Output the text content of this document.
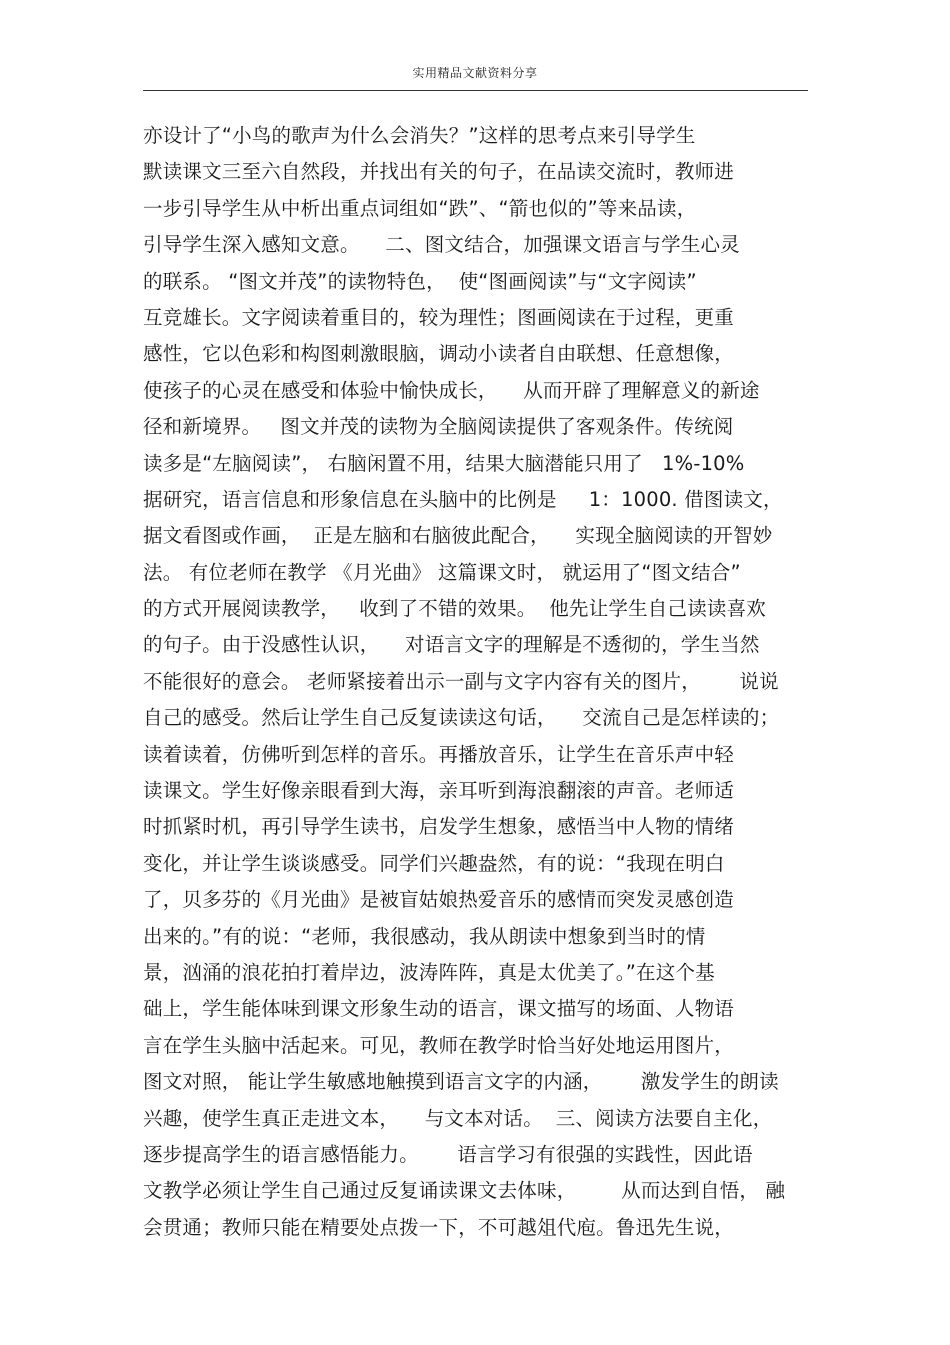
实用精品文献资料分享
亦设计了“小鸟的歌声为什么会消失？”这样的思考点来引导学生
默读课文三至六自然段，并找出有关的句子，在品读交流时，教师进
一步引导学生从中析出重点词组如“跌”、“箭也似的”等来品读，
引导学生深入感知文意。    二、图文结合，加强课文语言与学生心灵
的联系。 “图文并茂”的读物特色，  使“图画阅读”与“文字阅读”
互竞雄长。文字阅读着重目的，较为理性；图画阅读在于过程，更重
感性，它以色彩和构图刺激眼脑，调动小读者自由联想、任意想像，
使孩子的心灵在感受和体验中愉快成长，    从而开辟了理解意义的新途
径和新境界。   图文并茂的读物为全脑阅读提供了客观条件。传统阅
读多是“左脑阅读”， 右脑闲置不用，结果大脑潜能只用了   1%-10%
据研究，语言信息和形象信息在头脑中的比例是     1：1000. 借图读文，
据文看图或作画，  正是左脑和右脑彼此配合，    实现全脑阅读的开智妙
法。 有位老师在教学 《月光曲》 这篇课文时， 就运用了“图文结合”
的方式开展阅读教学，   收到了不错的效果。  他先让学生自己读读喜欢
的句子。由于没感性认识，    对语言文字的理解是不透彻的，学生当然
不能很好的意会。 老师紧接着出示一副与文字内容有关的图片，      说说
自己的感受。然后让学生自己反复读读这句话，    交流自己是怎样读的；
读着读着，仿佛听到怎样的音乐。再播放音乐，让学生在音乐声中轻
读课文。学生好像亲眼看到大海，亲耳听到海浪翻滚的声音。老师适
时抓紧时机，再引导学生读书，启发学生想象，感悟当中人物的情绪
变化，并让学生谈谈感受。同学们兴趣盎然，有的说：“我现在明白
了，贝多芬的《月光曲》是被盲姑娘热爱音乐的感情而突发灵感创造
出来的。”有的说：“老师，我很感动，我从朗读中想象到当时的情
景，汹涌的浪花拍打着岸边，波涛阵阵，真是太优美了。”在这个基
础上，学生能体味到课文形象生动的语言，课文描写的场面、人物语
言在学生头脑中活起来。可见，教师在教学时恰当好处地运用图片，
图文对照， 能让学生敏感地触摸到语言文字的内涵，      激发学生的朗读
兴趣，使学生真正走进文本，    与文本对话。  三、阅读方法要自主化，
逐步提高学生的语言感悟能力。      语言学习有很强的实践性，因此语
文教学必须让学生自己通过反复诵读课文去体味，       从而达到自悟， 融
会贯通；教师只能在精要处点拨一下，不可越俎代庖。鲁迅先生说，
